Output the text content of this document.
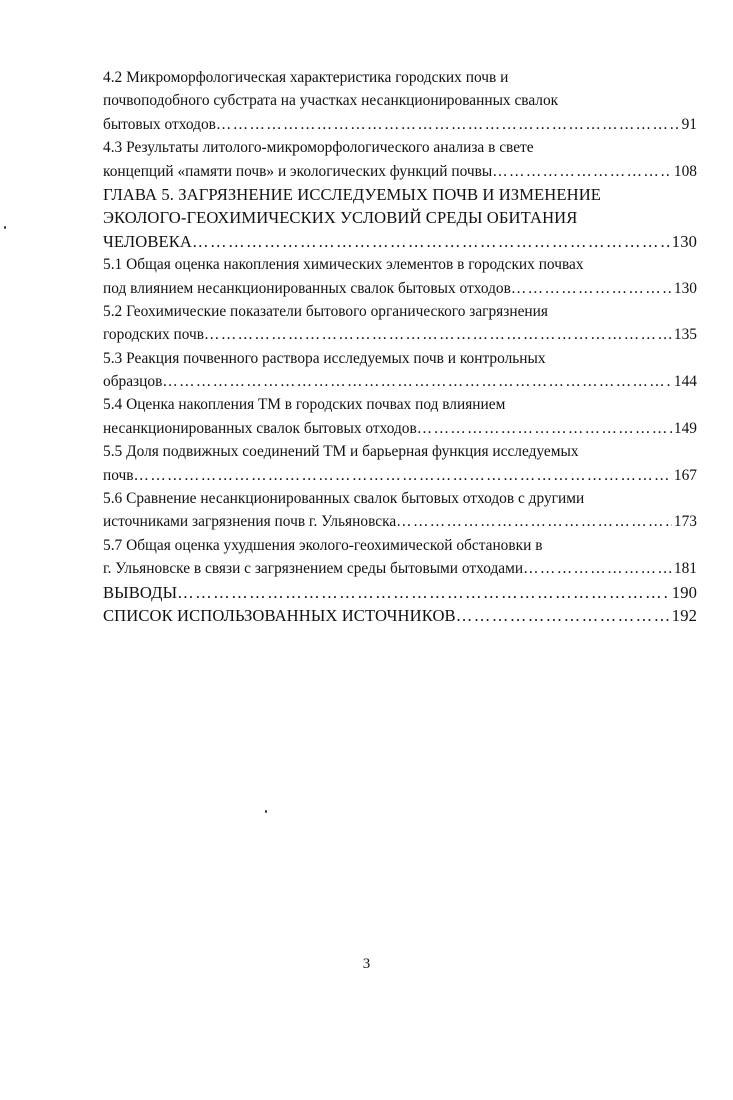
4.2 Микроморфологическая характеристика городских почв и
почвоподобного субстрата на участках несанкционированных свалок
бытовых отходов ………………………………………………………………………………………………………………………………………………………………………………………	91
4.3 Результаты литолого-микроморфологического анализа в свете
концепций «памяти почв» и экологических функций почвы ………………………………………………………………………………………………………………………………………………………………………………………	108
ГЛАВА 5. ЗАГРЯЗНЕНИЕ ИССЛЕДУЕМЫХ ПОЧВ И ИЗМЕНЕНИЕ
ЭКОЛОГО-ГЕОХИМИЧЕСКИХ УСЛОВИЙ СРЕДЫ ОБИТАНИЯ
ЧЕЛОВЕКА ………………………………………………………………………………………………………………………………………………………………………………………	130
5.1 Общая оценка накопления химических элементов в городских почвах
под влиянием несанкционированных свалок бытовых отходов ………………………………………………………………………………………………………………………………………………………………………………………	130
5.2 Геохимические показатели бытового органического загрязнения
городских почв ………………………………………………………………………………………………………………………………………………………………………………………	135
5.3 Реакция почвенного раствора исследуемых почв и контрольных
образцов ………………………………………………………………………………………………………………………………………………………………………………………	144
5.4 Оценка накопления ТМ в городских почвах под влиянием
несанкционированных свалок бытовых отходов ………………………………………………………………………………………………………………………………………………………………………………………	149
5.5 Доля подвижных соединений ТМ и барьерная функция исследуемых
почв ………………………………………………………………………………………………………………………………………………………………………………………	167
5.6 Сравнение несанкционированных свалок бытовых отходов с другими
источниками загрязнения почв г. Ульяновска ………………………………………………………………………………………………………………………………………………………………………………………	173
5.7 Общая оценка ухудшения эколого-геохимической обстановки в
г. Ульяновске в связи с загрязнением среды бытовыми отходами ………………………………………………………………………………………………………………………………………………………………………………………	181
ВЫВОДЫ ………………………………………………………………………………………………………………………………………………………………………………………	190
СПИСОК ИСПОЛЬЗОВАННЫХ ИСТОЧНИКОВ ………………………………………………………………………………………………………………………………………………………………………………………	192
3
